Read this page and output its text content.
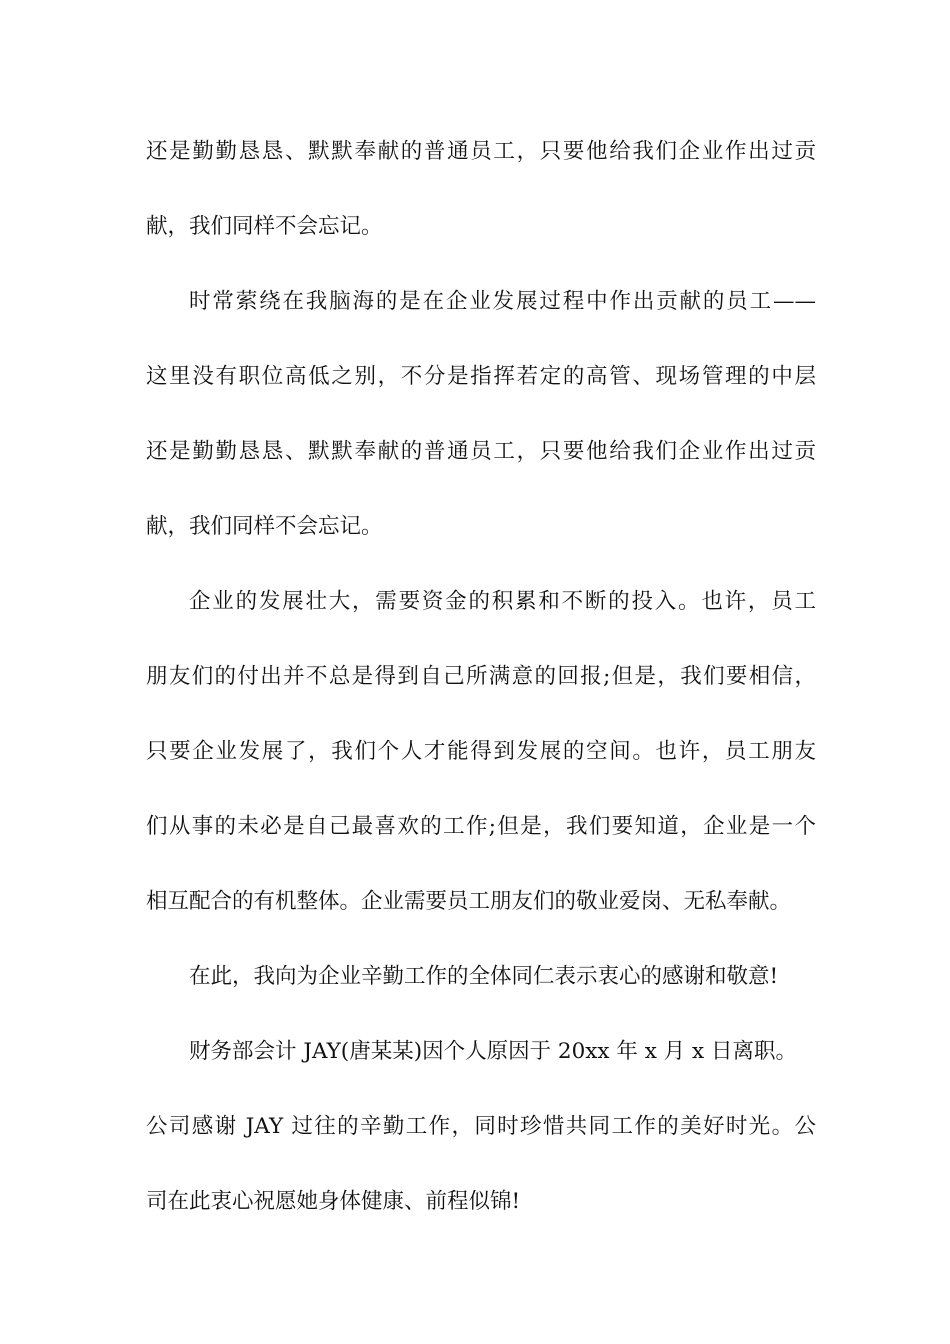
还是勤勤恳恳、默默奉献的普通员工，只要他给我们企业作出过贡
献，我们同样不会忘记。
时常萦绕在我脑海的是在企业发展过程中作出贡献的员工——
这里没有职位高低之别，不分是指挥若定的高管、现场管理的中层
还是勤勤恳恳、默默奉献的普通员工，只要他给我们企业作出过贡
献，我们同样不会忘记。
企业的发展壮大，需要资金的积累和不断的投入。也许，员工
朋友们的付出并不总是得到自己所满意的回报;但是，我们要相信，
只要企业发展了，我们个人才能得到发展的空间。也许，员工朋友
们从事的未必是自己最喜欢的工作;但是，我们要知道，企业是一个
相互配合的有机整体。企业需要员工朋友们的敬业爱岗、无私奉献。
在此，我向为企业辛勤工作的全体同仁表示衷心的感谢和敬意!
财务部会计 JAY(唐某某)因个人原因于 20xx 年 x 月 x 日离职。
公司感谢 JAY 过往的辛勤工作，同时珍惜共同工作的美好时光。公
司在此衷心祝愿她身体健康、前程似锦!
